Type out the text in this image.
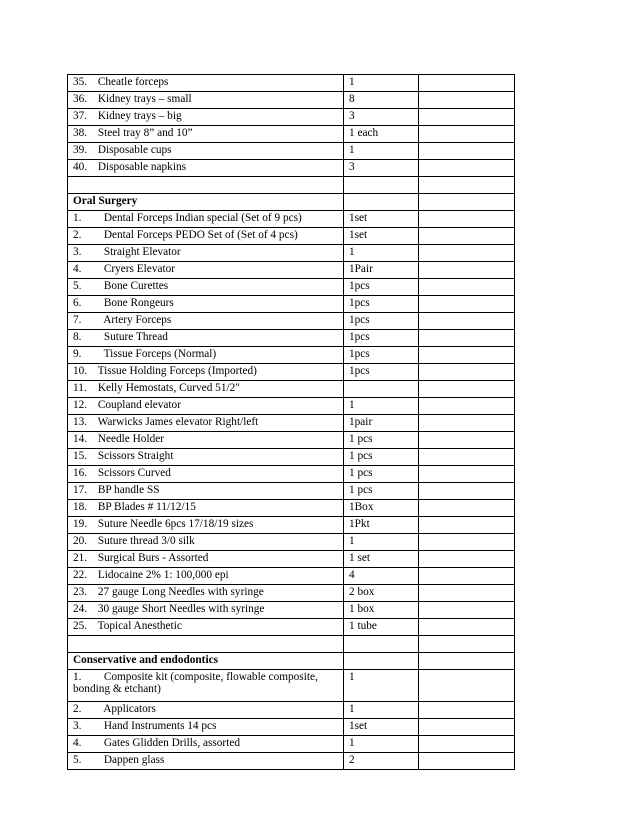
35. Cheatle forceps	1	
36. Kidney trays – small	8	
37. Kidney trays – big	3	
38. Steel tray 8” and 10”	1 each	
39. Disposable cups	1	
40. Disposable napkins	3	

Oral Surgery		
1. Dental Forceps Indian special (Set of 9 pcs)	1set	
2. Dental Forceps PEDO Set of (Set of 4 pcs)	1set	
3. Straight Elevator	1	
4. Cryers Elevator	1Pair	
5. Bone Curettes	1pcs	
6. Bone Rongeurs	1pcs	
7. Artery Forceps	1pcs	
8. Suture Thread	1pcs	
9. Tissue Forceps (Normal)	1pcs	
10. Tissue Holding Forceps (Imported)	1pcs	
11. Kelly Hemostats, Curved 51/2"		
12. Coupland elevator	1	
13. Warwicks James elevator Right/left	1pair	
14. Needle Holder	1 pcs	
15. Scissors Straight	1 pcs	
16. Scissors Curved	1 pcs	
17. BP handle SS	1 pcs	
18. BP Blades # 11/12/15	1Box	
19. Suture Needle 6pcs 17/18/19 sizes	1Pkt	
20. Suture thread 3/0 silk	1	
21. Surgical Burs - Assorted	1 set	
22. Lidocaine 2% 1: 100,000 epi	4	
23. 27 gauge Long Needles with syringe	2 box	
24. 30 gauge Short Needles with syringe	1 box	
25. Topical Anesthetic	1 tube	

Conservative and endodontics		
1. Composite kit (composite, flowable composite, bonding & etchant)	1	
2. Applicators	1	
3. Hand Instruments 14 pcs	1set	
4. Gates Glidden Drills, assorted	1	
5. Dappen glass	2	
